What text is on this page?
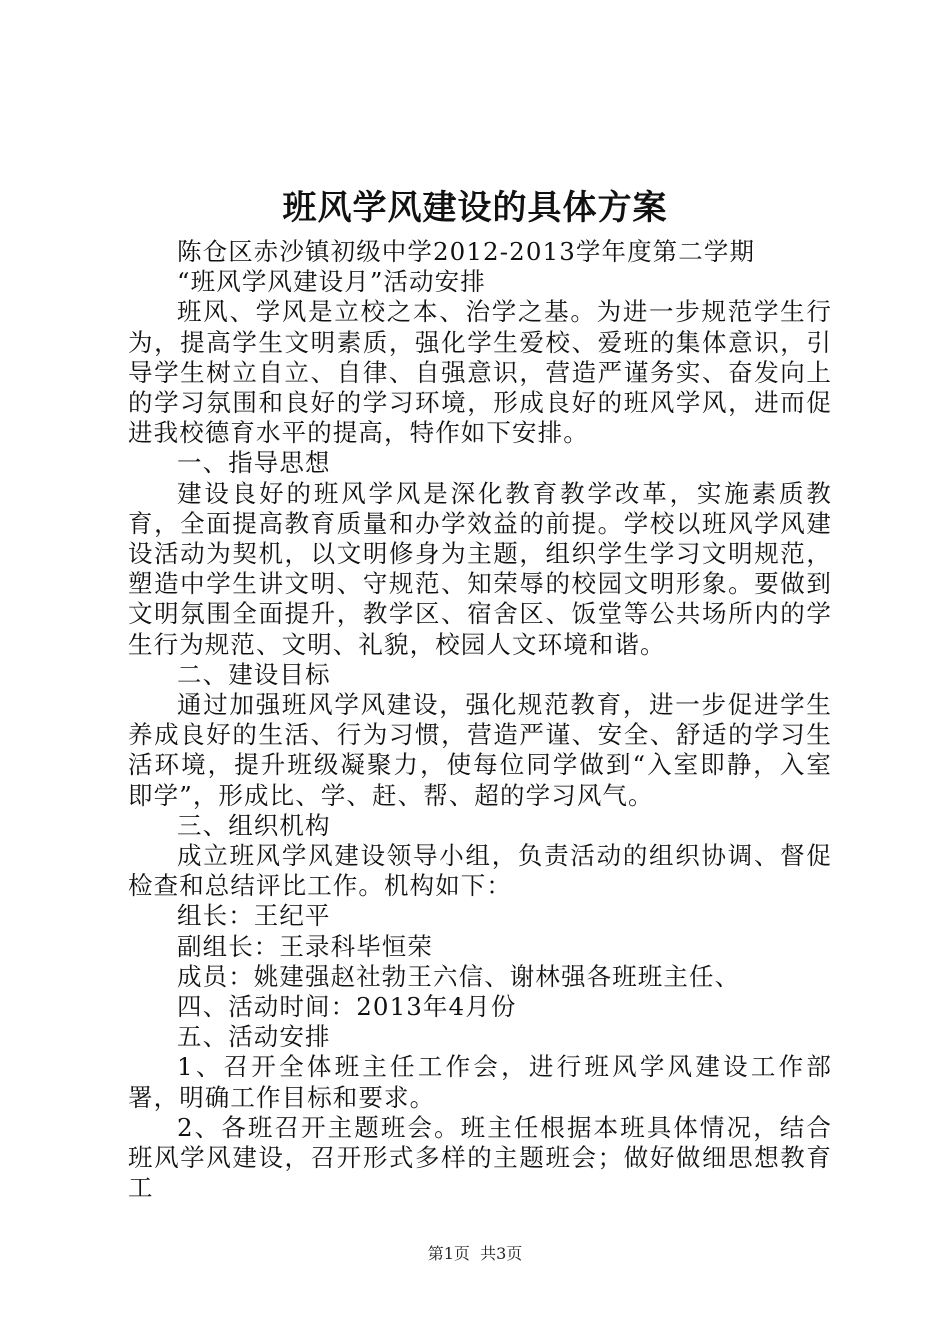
班风学风建设的具体方案

陈仓区赤沙镇初级中学2012-2013学年度第二学期

“班风学风建设月”活动安排

班风、学风是立校之本、治学之基。为进一步规范学生行为，提高学生文明素质，强化学生爱校、爱班的集体意识，引导学生树立自立、自律、自强意识，营造严谨务实、奋发向上的学习氛围和良好的学习环境，形成良好的班风学风，进而促进我校德育水平的提高，特作如下安排。

一、指导思想

建设良好的班风学风是深化教育教学改革，实施素质教育，全面提高教育质量和办学效益的前提。学校以班风学风建设活动为契机，以文明修身为主题，组织学生学习文明规范，塑造中学生讲文明、守规范、知荣辱的校园文明形象。要做到文明氛围全面提升，教学区、宿舍区、饭堂等公共场所内的学生行为规范、文明、礼貌，校园人文环境和谐。

二、建设目标

通过加强班风学风建设，强化规范教育，进一步促进学生养成良好的生活、行为习惯，营造严谨、安全、舒适的学习生活环境，提升班级凝聚力，使每位同学做到“入室即静，入室即学”，形成比、学、赶、帮、超的学习风气。

三、组织机构

成立班风学风建设领导小组，负责活动的组织协调、督促检查和总结评比工作。机构如下：

组长：王纪平

副组长：王录科毕恒荣

成员：姚建强赵社勃王六信、谢林强各班班主任、

四、活动时间：2013年4月份

五、活动安排

1、召开全体班主任工作会，进行班风学风建设工作部署，明确工作目标和要求。

2、各班召开主题班会。班主任根据本班具体情况，结合班风学风建设，召开形式多样的主题班会；做好做细思想教育工

第1页  共3页
